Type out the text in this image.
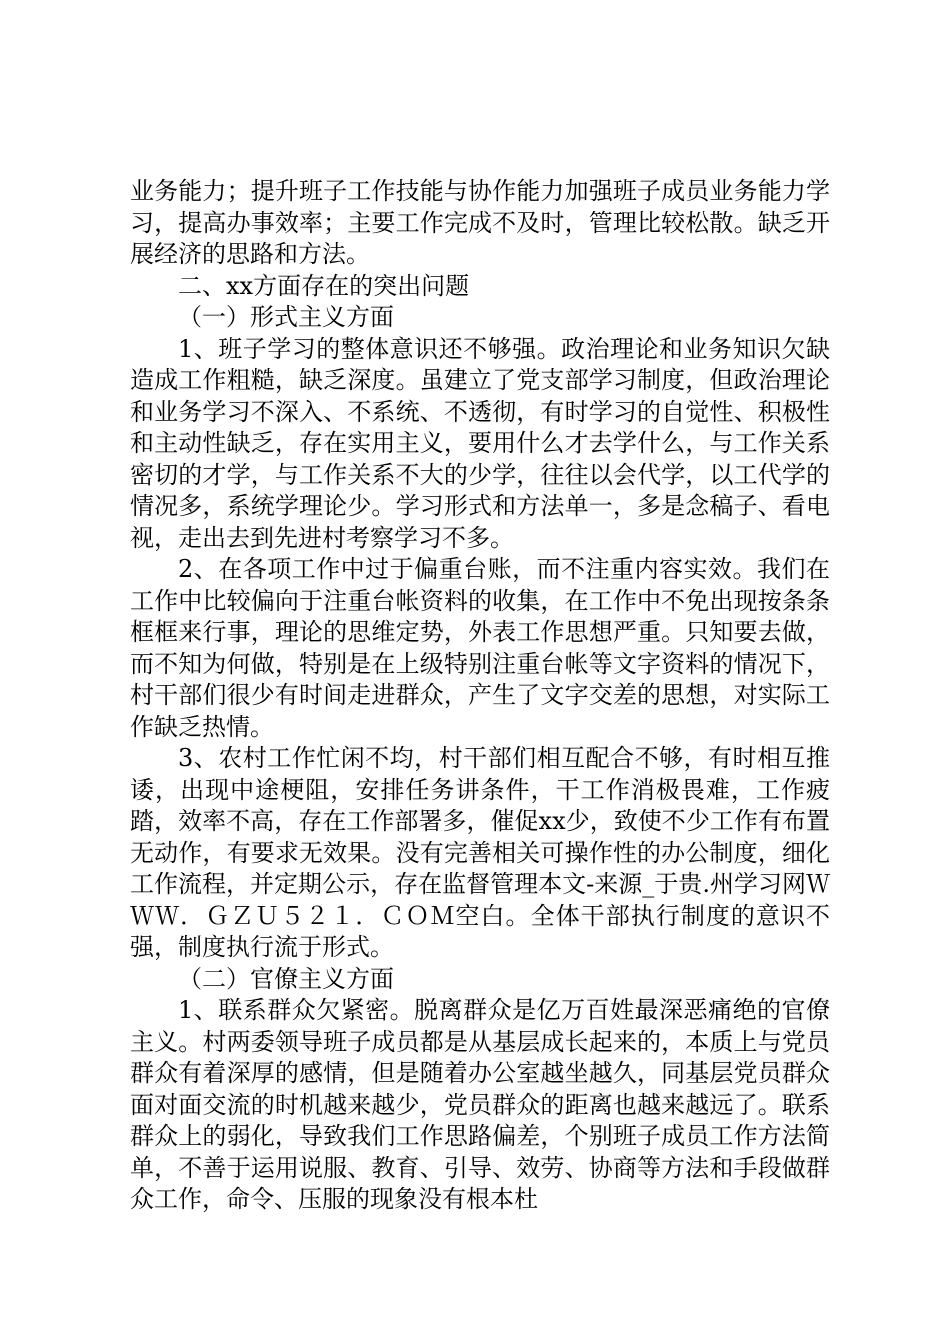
业务能力；提升班子工作技能与协作能力加强班子成员业务能力学习，提高办事效率；主要工作完成不及时，管理比较松散。缺乏开展经济的思路和方法。

二、xx方面存在的突出问题

（一）形式主义方面

1、班子学习的整体意识还不够强。政治理论和业务知识欠缺造成工作粗糙，缺乏深度。虽建立了党支部学习制度，但政治理论和业务学习不深入、不系统、不透彻，有时学习的自觉性、积极性和主动性缺乏，存在实用主义，要用什么才去学什么，与工作关系密切的才学，与工作关系不大的少学，往往以会代学，以工代学的情况多，系统学理论少。学习形式和方法单一，多是念稿子、看电视，走出去到先进村考察学习不多。

2、在各项工作中过于偏重台账，而不注重内容实效。我们在工作中比较偏向于注重台帐资料的收集，在工作中不免出现按条条框框来行事，理论的思维定势，外表工作思想严重。只知要去做，而不知为何做，特别是在上级特别注重台帐等文字资料的情况下，村干部们很少有时间走进群众，产生了文字交差的思想，对实际工作缺乏热情。

3、农村工作忙闲不均，村干部们相互配合不够，有时相互推诿，出现中途梗阻，安排任务讲条件，干工作消极畏难，工作疲踏，效率不高，存在工作部署多，催促xx少，致使不少工作有布置无动作，有要求无效果。没有完善相关可操作性的办公制度，细化工作流程，并定期公示，存在监督管理本文-来源_于贵.州学习网ＷＷＷ．ＧＺＵ５２１．ＣＯＭ空白。全体干部执行制度的意识不强，制度执行流于形式。

（二）官僚主义方面

1、联系群众欠紧密。脱离群众是亿万百姓最深恶痛绝的官僚主义。村两委领导班子成员都是从基层成长起来的，本质上与党员群众有着深厚的感情，但是随着办公室越坐越久，同基层党员群众面对面交流的时机越来越少，党员群众的距离也越来越远了。联系群众上的弱化，导致我们工作思路偏差，个别班子成员工作方法简单，不善于运用说服、教育、引导、效劳、协商等方法和手段做群众工作，命令、压服的现象没有根本杜
